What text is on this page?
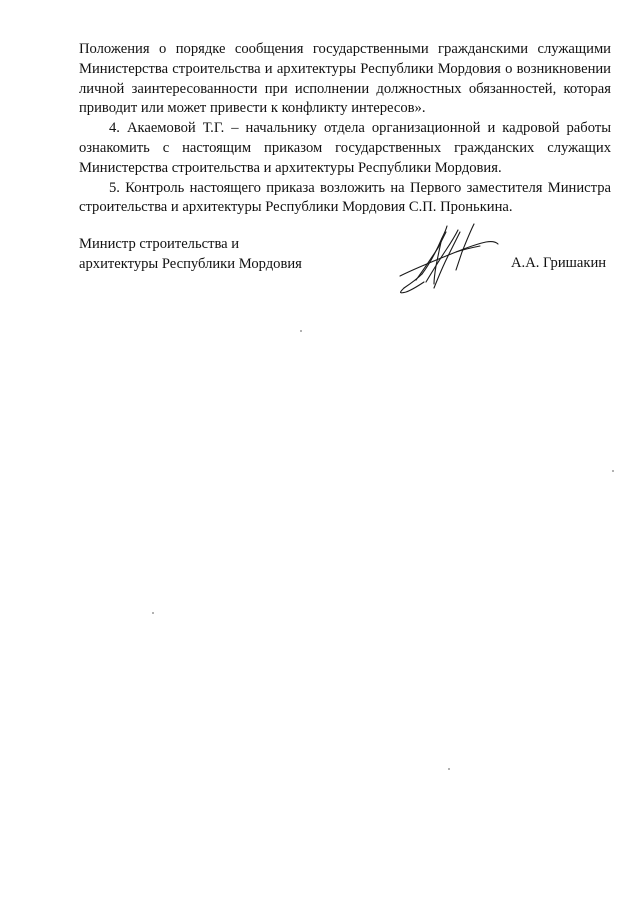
Положения о порядке сообщения государственными гражданскими служащими Министерства строительства и архитектуры Республики Мордовия о возникновении личной заинтересованности при исполнении должностных обязанностей, которая приводит или может привести к конфликту интересов».

4. Акаемовой Т.Г. – начальнику отдела организационной и кадровой работы ознакомить с настоящим приказом государственных гражданских служащих Министерства строительства и архитектуры Республики Мордовия.

5. Контроль настоящего приказа возложить на Первого заместителя Министра строительства и архитектуры Республики Мордовия С.П. Пронькина.

Министр строительства и
архитектуры Республики Мордовия	А.А. Гришакин
